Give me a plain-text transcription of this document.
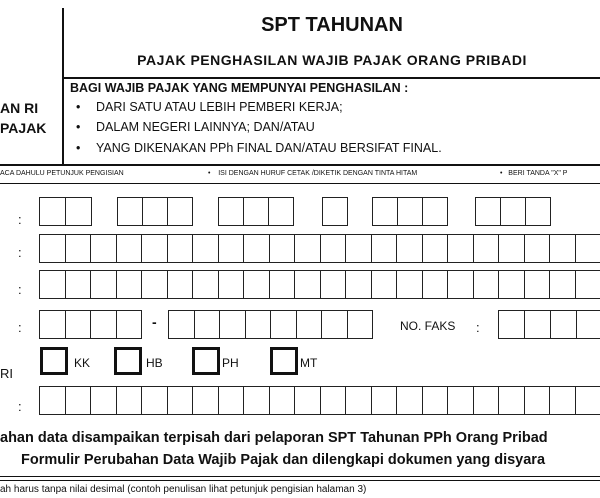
AN RI
PAJAK
SPT TAHUNAN
PAJAK PENGHASILAN WAJIB PAJAK ORANG PRIBADI
BAGI WAJIB PAJAK YANG MEMPUNYAI PENGHASILAN :
• DARI SATU ATAU LEBIH PEMBERI KERJA;
• DALAM NEGERI LAINNYA; DAN/ATAU
• YANG DIKENAKAN PPh FINAL DAN/ATAU BERSIFAT FINAL.
ACA DAHULU PETUNJUK PENGISIAN	•    ISI DENGAN HURUF CETAK /DIKETIK DENGAN TINTA HITAM	•   BERI TANDA "X" P
:
:
:
:	-	NO. FAKS :
RI
KK	HB	PH	MT
:
ahan data disampaikan terpisah dari pelaporan SPT Tahunan PPh Orang Pribad
Formulir Perubahan Data Wajib Pajak dan dilengkapi dokumen yang disyara
ah harus tanpa nilai desimal (contoh penulisan lihat petunjuk pengisian halaman 3)
